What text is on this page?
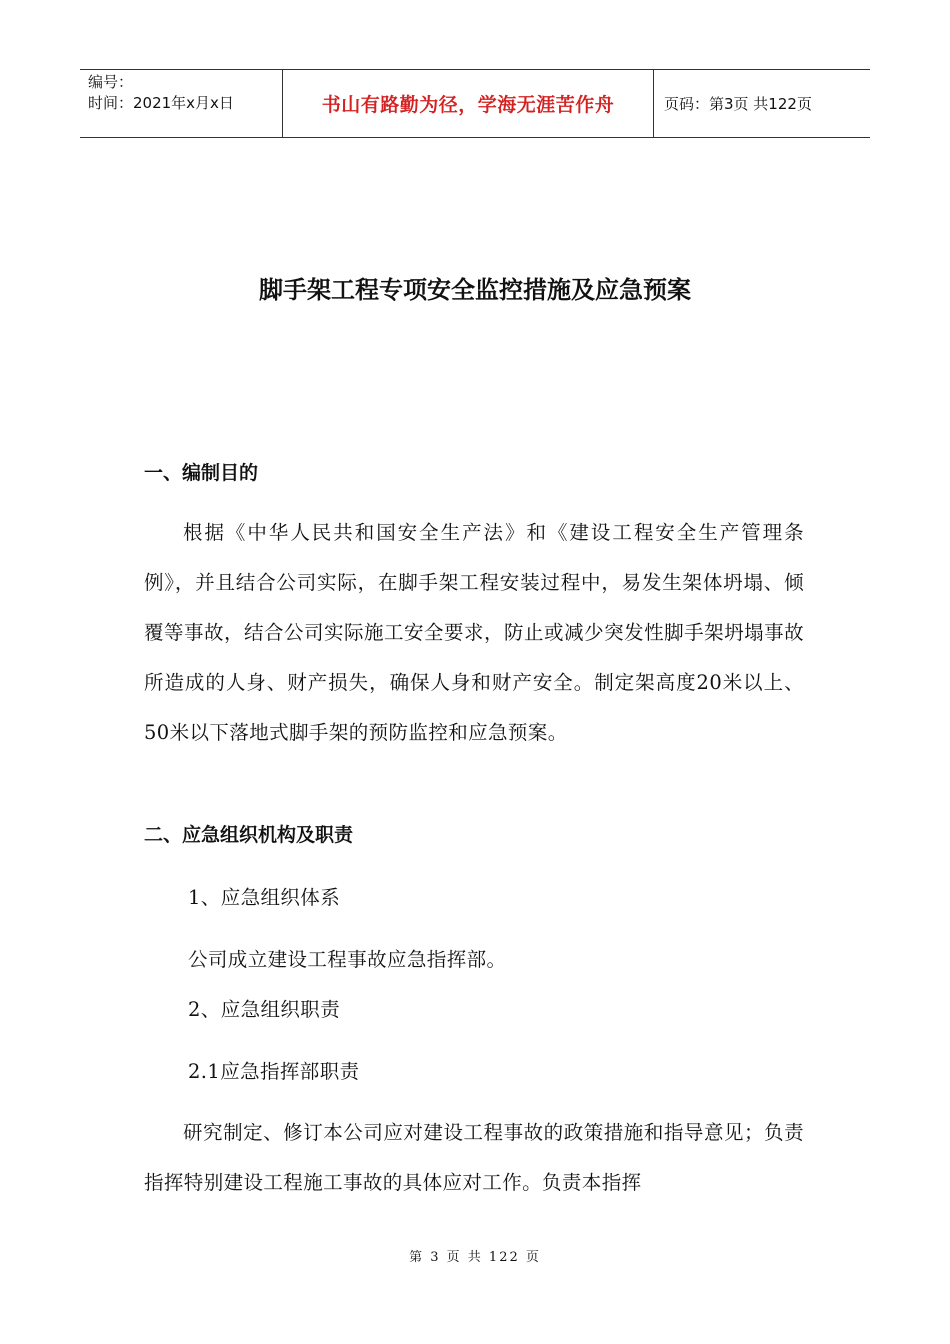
编号：
时间：2021年x月x日	书山有路勤为径，学海无涯苦作舟	页码：第3页 共122页
脚手架工程专项安全监控措施及应急预案
一、编制目的
根据《中华人民共和国安全生产法》和《建设工程安全生产管理条例》，并且结合公司实际，在脚手架工程安装过程中，易发生架体坍塌、倾覆等事故，结合公司实际施工安全要求，防止或减少突发性脚手架坍塌事故所造成的人身、财产损失，确保人身和财产安全。制定架高度20米以上、50米以下落地式脚手架的预防监控和应急预案。
二、应急组织机构及职责
1、应急组织体系
公司成立建设工程事故应急指挥部。
2、应急组织职责
2.1应急指挥部职责
研究制定、修订本公司应对建设工程事故的政策措施和指导意见；负责指挥特别建设工程施工事故的具体应对工作。负责本指挥
第 3 页 共 122 页
